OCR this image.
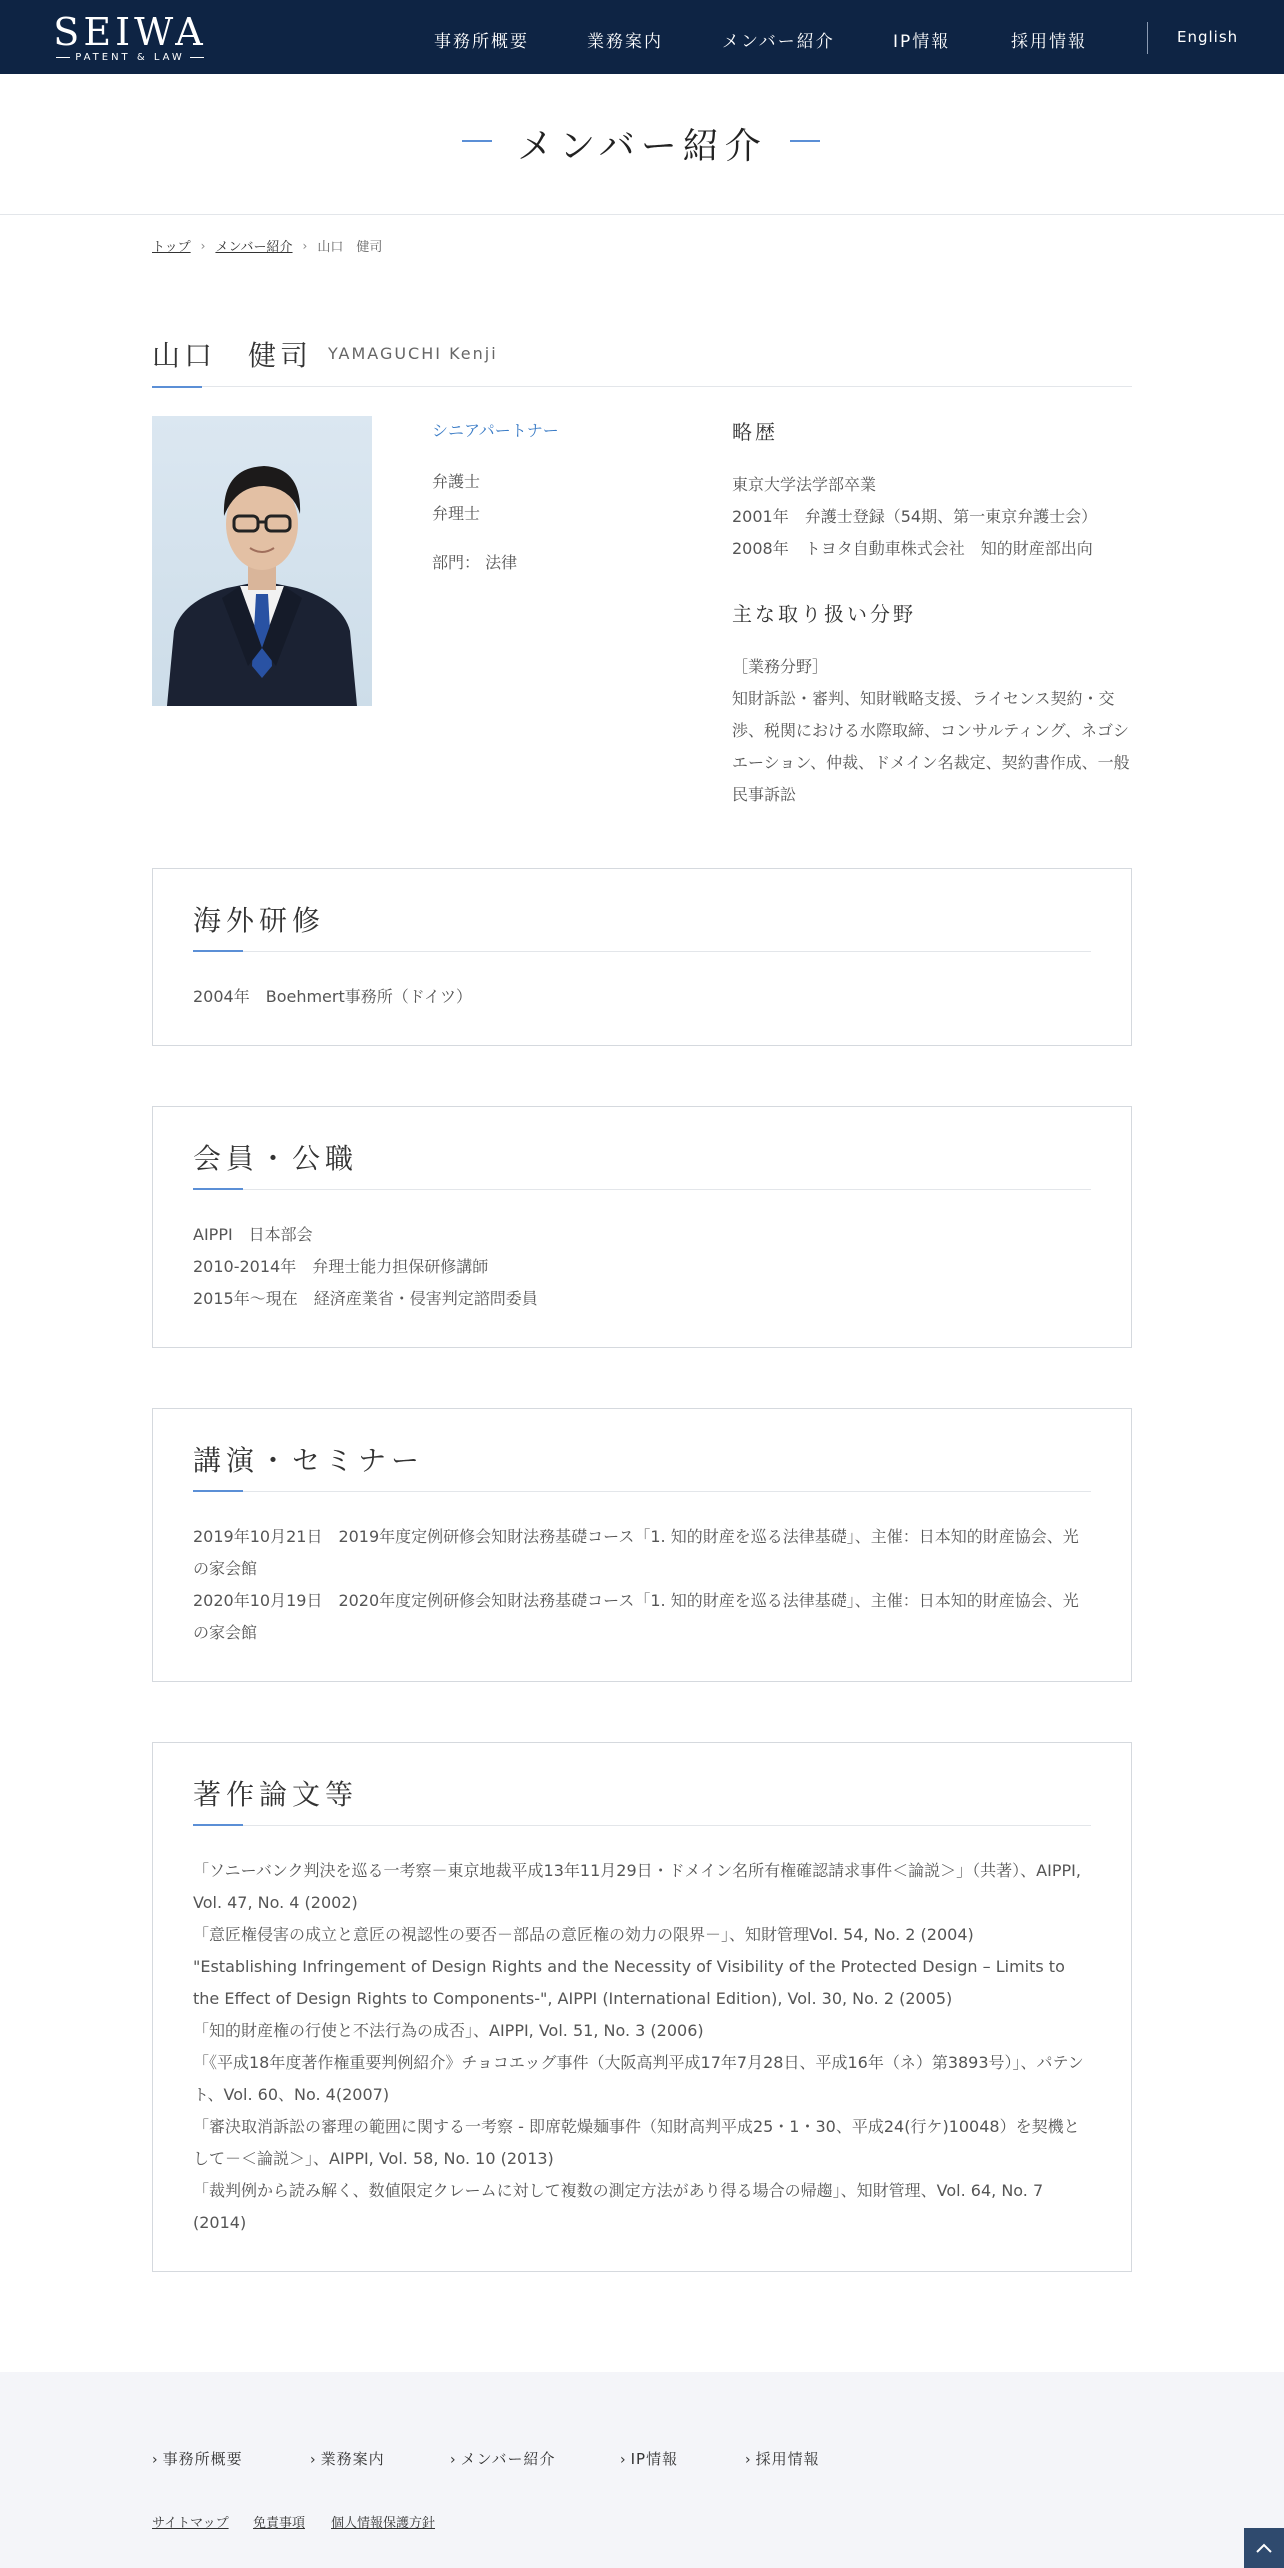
SEIWA
PATENT & LAW
事務所概要	業務案内	メンバー紹介	IP情報	採用情報	English
メンバー紹介
トップ › メンバー紹介 › 山口　健司
山口　健司 YAMAGUCHI Kenji
シニアパートナー
弁護士
弁理士
部門： 法律
略歴
東京大学法学部卒業
2001年　弁護士登録（54期、第一東京弁護士会）
2008年　トヨタ自動車株式会社　知的財産部出向
主な取り扱い分野
［業務分野］
知財訴訟・審判、知財戦略支援、ライセンス契約・交渉、税関における水際取締、コンサルティング、ネゴシエーション、仲裁、ドメイン名裁定、契約書作成、一般民事訴訟
海外研修

2004年　Boehmert事務所（ドイツ）

会員・公職

AIPPI　日本部会

2010-2014年　弁理士能力担保研修講師

2015年〜現在　経済産業省・侵害判定諮問委員

講演・セミナー

2019年10月21日　2019年度定例研修会知財法務基礎コース「1. 知的財産を巡る法律基礎」、主催：日本知的財産協会、光の家会館

2020年10月19日　2020年度定例研修会知財法務基礎コース「1. 知的財産を巡る法律基礎」、主催：日本知的財産協会、光の家会館

著作論文等

「ソニーバンク判決を巡る一考察－東京地裁平成13年11月29日・ドメイン名所有権確認請求事件＜論説＞」（共著）、AIPPI, Vol. 47, No. 4 (2002)

「意匠権侵害の成立と意匠の視認性の要否－部品の意匠権の効力の限界－」、知財管理Vol. 54, No. 2 (2004)

"Establishing Infringement of Design Rights and the Necessity of Visibility of the Protected Design – Limits to the Effect of Design Rights to Components-", AIPPI (International Edition), Vol. 30, No. 2 (2005)

「知的財産権の行使と不法行為の成否」、AIPPI, Vol. 51, No. 3 (2006)

「《平成18年度著作権重要判例紹介》チョコエッグ事件（大阪高判平成17年7月28日、平成16年（ネ）第3893号）」、パテント、Vol. 60、No. 4(2007)

「審決取消訴訟の審理の範囲に関する一考察 - 即席乾燥麺事件（知財高判平成25・1・30、平成24(行ケ)10048）を契機として－＜論説＞」、AIPPI, Vol. 58, No. 10 (2013)

「裁判例から読み解く、数値限定クレームに対して複数の測定方法があり得る場合の帰趨」、知財管理、Vol. 64, No. 7 (2014)

› 事務所概要	› 業務案内	› メンバー紹介	› IP情報	› 採用情報
サイトマップ 免責事項 個人情報保護方針
